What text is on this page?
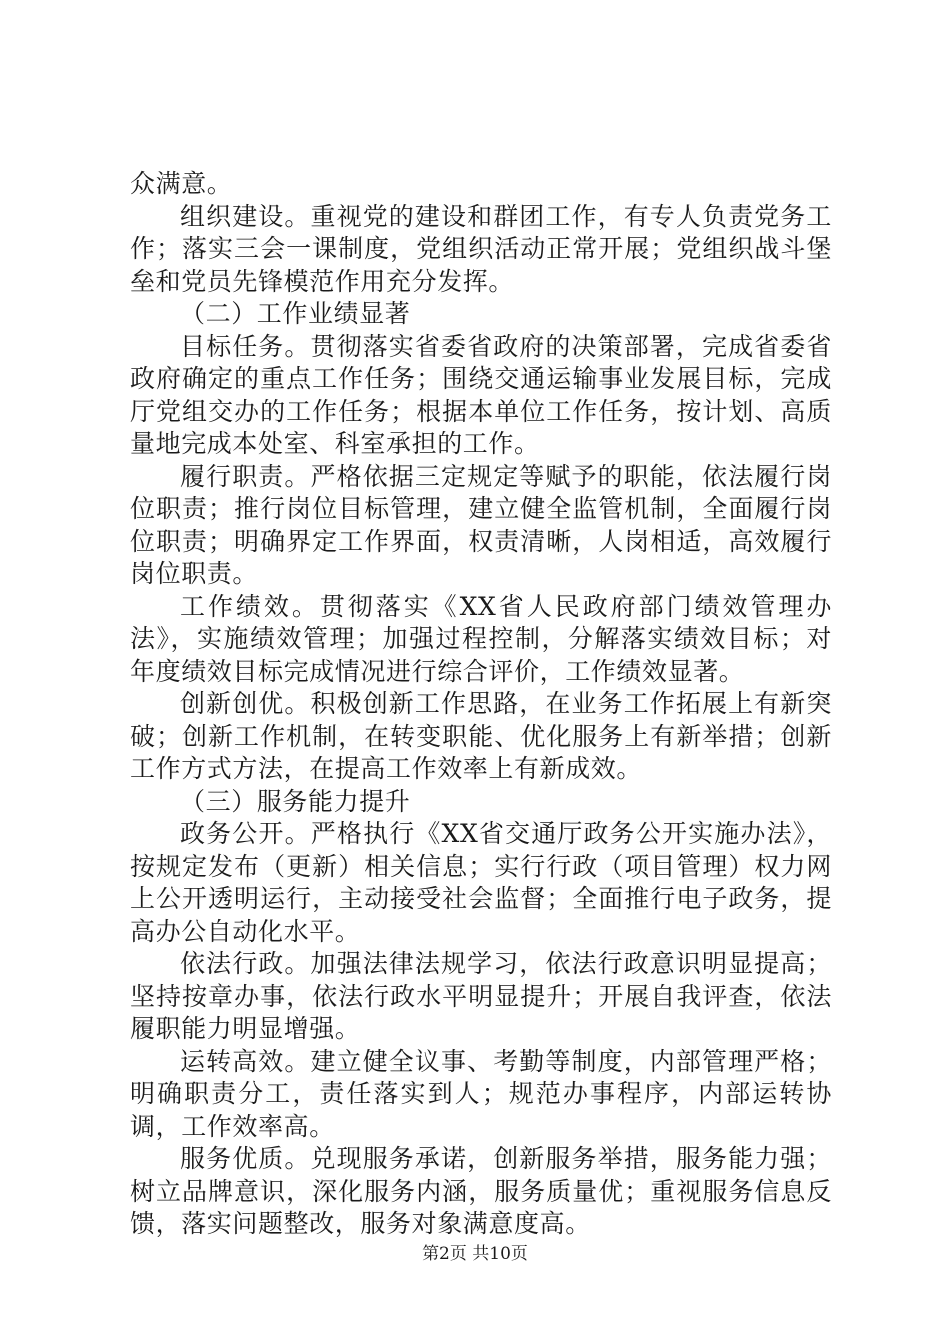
众满意。

组织建设。重视党的建设和群团工作，有专人负责党务工作；落实三会一课制度，党组织活动正常开展；党组织战斗堡垒和党员先锋模范作用充分发挥。

（二）工作业绩显著

目标任务。贯彻落实省委省政府的决策部署，完成省委省政府确定的重点工作任务；围绕交通运输事业发展目标，完成厅党组交办的工作任务；根据本单位工作任务，按计划、高质量地完成本处室、科室承担的工作。

履行职责。严格依据三定规定等赋予的职能，依法履行岗位职责；推行岗位目标管理，建立健全监管机制，全面履行岗位职责；明确界定工作界面，权责清晰，人岗相适，高效履行岗位职责。

工作绩效。贯彻落实《XX省人民政府部门绩效管理办法》，实施绩效管理；加强过程控制，分解落实绩效目标；对年度绩效目标完成情况进行综合评价，工作绩效显著。

创新创优。积极创新工作思路，在业务工作拓展上有新突破；创新工作机制，在转变职能、优化服务上有新举措；创新工作方式方法，在提高工作效率上有新成效。

（三）服务能力提升

政务公开。严格执行《XX省交通厅政务公开实施办法》，按规定发布（更新）相关信息；实行行政（项目管理）权力网上公开透明运行，主动接受社会监督；全面推行电子政务，提高办公自动化水平。

依法行政。加强法律法规学习，依法行政意识明显提高；坚持按章办事，依法行政水平明显提升；开展自我评查，依法履职能力明显增强。

运转高效。建立健全议事、考勤等制度，内部管理严格；明确职责分工，责任落实到人；规范办事程序，内部运转协调，工作效率高。

服务优质。兑现服务承诺，创新服务举措，服务能力强；树立品牌意识，深化服务内涵，服务质量优；重视服务信息反馈，落实问题整改，服务对象满意度高。

第2页 共10页
